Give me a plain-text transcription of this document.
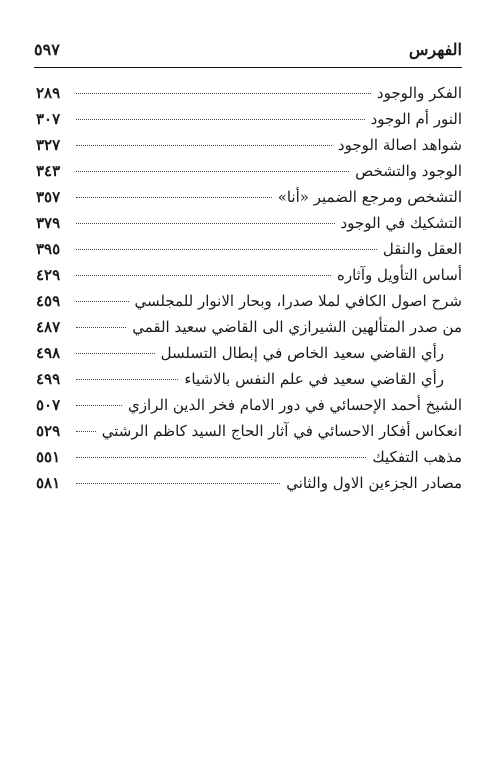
٥٩٧	الفهرس
الفكر والوجود
٢٨٩
النور أم الوجود
٣٠٧
شواهد اصالة الوجود
٣٢٧
الوجود والتشخص
٣٤٣
التشخص ومرجع الضمير «أنا»
٣٥٧
التشكيك في الوجود
٣٧٩
العقل والنقل
٣٩٥
أساس التأويل وآثاره
٤٢٩
شرح اصول الكافي لملا صدرا، وبحار الانوار للمجلسي
٤٥٩
من صدر المتألهين الشيرازي الى القاضي سعيد القمي
٤٨٧
رأي القاضي سعيد الخاص في إبطال التسلسل
٤٩٨
رأي القاضي سعيد في علم النفس بالاشياء
٤٩٩
الشيخ أحمد الإحسائي في دور الامام فخر الدين الرازي
٥٠٧
انعكاس أفكار الاحسائي في آثار الحاج السيد كاظم الرشتي
٥٢٩
مذهب التفكيك
٥٥١
مصادر الجزءين الاول والثاني
٥٨١
